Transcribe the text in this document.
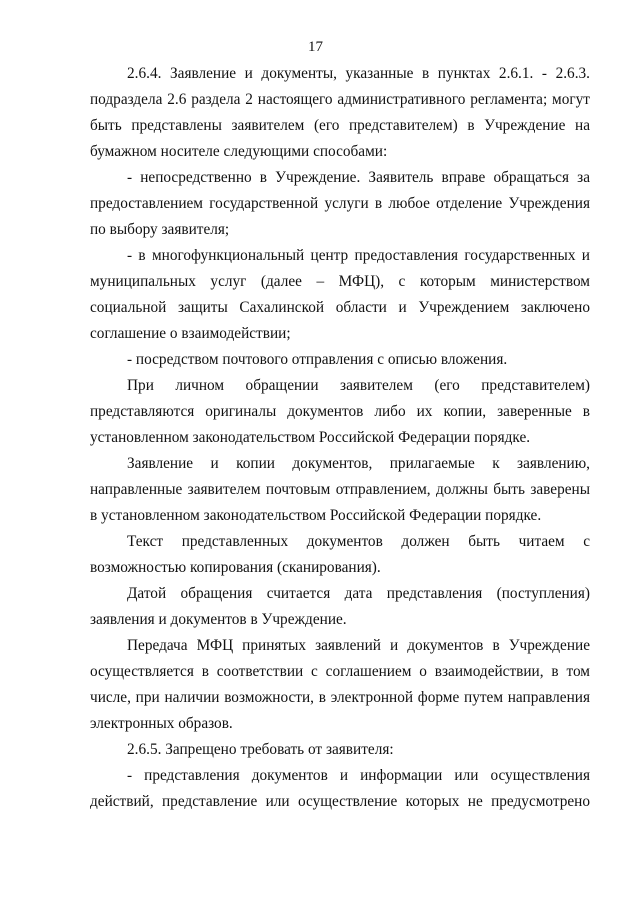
17

2.6.4. Заявление и документы, указанные в пунктах 2.6.1. - 2.6.3. подраздела 2.6 раздела 2 настоящего административного регламента; могут быть представлены заявителем (его представителем) в Учреждение на бумажном носителе следующими способами:

- непосредственно в Учреждение. Заявитель вправе обращаться за предоставлением государственной услуги в любое отделение Учреждения по выбору заявителя;

- в многофункциональный центр предоставления государственных и муниципальных услуг (далее – МФЦ), с которым министерством социальной защиты Сахалинской области и Учреждением заключено соглашение о взаимодействии;

- посредством почтового отправления с описью вложения.

При личном обращении заявителем (его представителем) представляются оригиналы документов либо их копии, заверенные в установленном законодательством Российской Федерации порядке.

Заявление и копии документов, прилагаемые к заявлению, направленные заявителем почтовым отправлением, должны быть заверены в установленном законодательством Российской Федерации порядке.

Текст представленных документов должен быть читаем с возможностью копирования (сканирования).

Датой обращения считается дата представления (поступления) заявления и документов в Учреждение.

Передача МФЦ принятых заявлений и документов в Учреждение осуществляется в соответствии с соглашением о взаимодействии, в том числе, при наличии возможности, в электронной форме путем направления электронных образов.

2.6.5. Запрещено требовать от заявителя:

- представления документов и информации или осуществления действий, представление или осуществление которых не предусмотрено
